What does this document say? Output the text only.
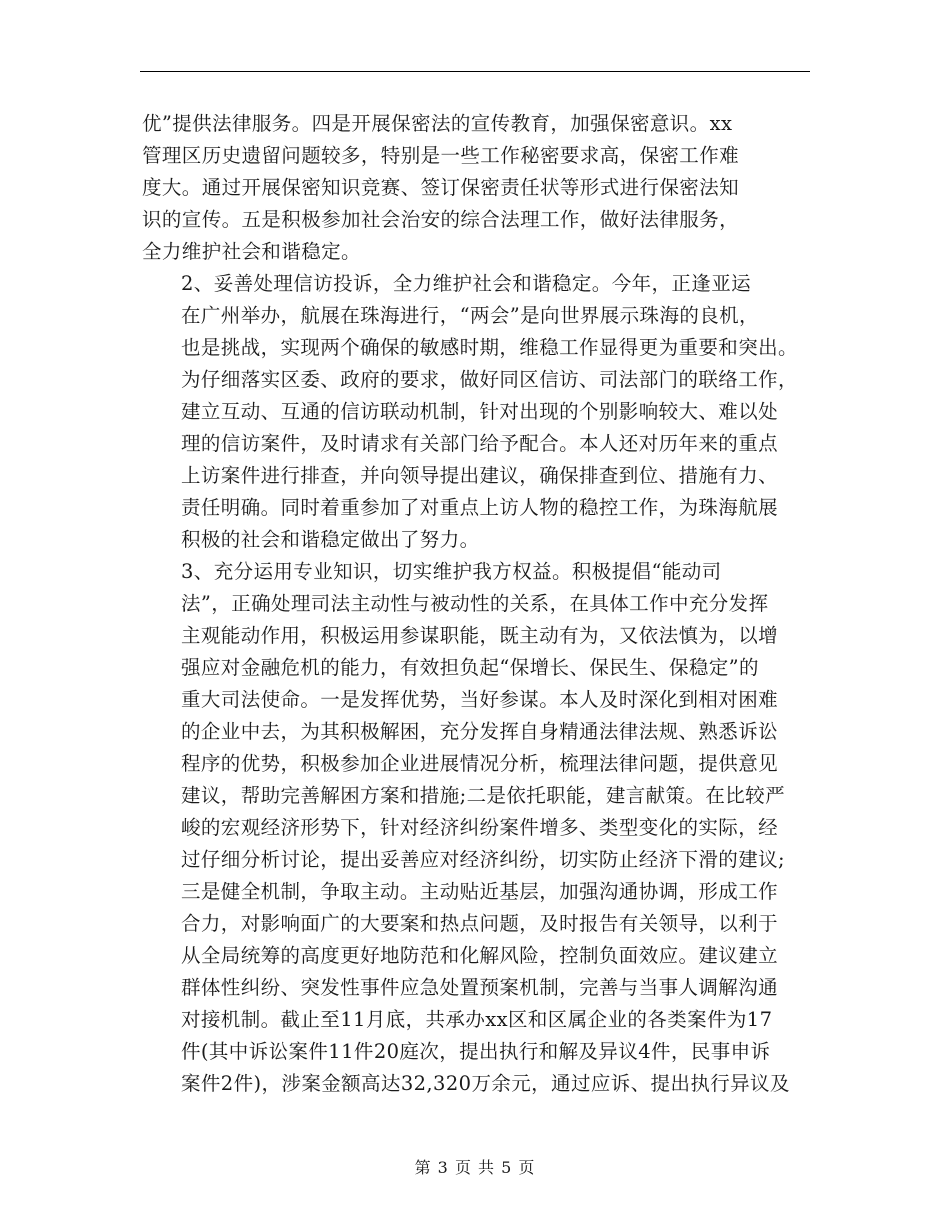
优”提供法律服务。四是开展保密法的宣传教育，加强保密意识。xx
管理区历史遗留问题较多，特别是一些工作秘密要求高，保密工作难
度大。通过开展保密知识竞赛、签订保密责任状等形式进行保密法知
识的宣传。五是积极参加社会治安的综合法理工作，做好法律服务，
全力维护社会和谐稳定。

2、妥善处理信访投诉，全力维护社会和谐稳定。今年，正逢亚运
在广州举办，航展在珠海进行，“两会”是向世界展示珠海的良机，
也是挑战，实现两个确保的敏感时期，维稳工作显得更为重要和突出。
为仔细落实区委、政府的要求，做好同区信访、司法部门的联络工作，
建立互动、互通的信访联动机制，针对出现的个别影响较大、难以处
理的信访案件，及时请求有关部门给予配合。本人还对历年来的重点
上访案件进行排查，并向领导提出建议，确保排查到位、措施有力、
责任明确。同时着重参加了对重点上访人物的稳控工作，为珠海航展
积极的社会和谐稳定做出了努力。

3、充分运用专业知识，切实维护我方权益。积极提倡“能动司
法”，正确处理司法主动性与被动性的关系，在具体工作中充分发挥
主观能动作用，积极运用参谋职能，既主动有为，又依法慎为，以增
强应对金融危机的能力，有效担负起“保增长、保民生、保稳定”的
重大司法使命。一是发挥优势，当好参谋。本人及时深化到相对困难
的企业中去，为其积极解困，充分发挥自身精通法律法规、熟悉诉讼
程序的优势，积极参加企业进展情况分析，梳理法律问题，提供意见
建议，帮助完善解困方案和措施;二是依托职能，建言献策。在比较严
峻的宏观经济形势下，针对经济纠纷案件增多、类型变化的实际，经
过仔细分析讨论，提出妥善应对经济纠纷，切实防止经济下滑的建议;
三是健全机制，争取主动。主动贴近基层，加强沟通协调，形成工作
合力，对影响面广的大要案和热点问题，及时报告有关领导，以利于
从全局统筹的高度更好地防范和化解风险，控制负面效应。建议建立
群体性纠纷、突发性事件应急处置预案机制，完善与当事人调解沟通
对接机制。截止至11月底，共承办xx区和区属企业的各类案件为17
件(其中诉讼案件11件20庭次，提出执行和解及异议4件，民事申诉
案件2件)，涉案金额高达32,320万余元，通过应诉、提出执行异议及

第 3 页 共 5 页
